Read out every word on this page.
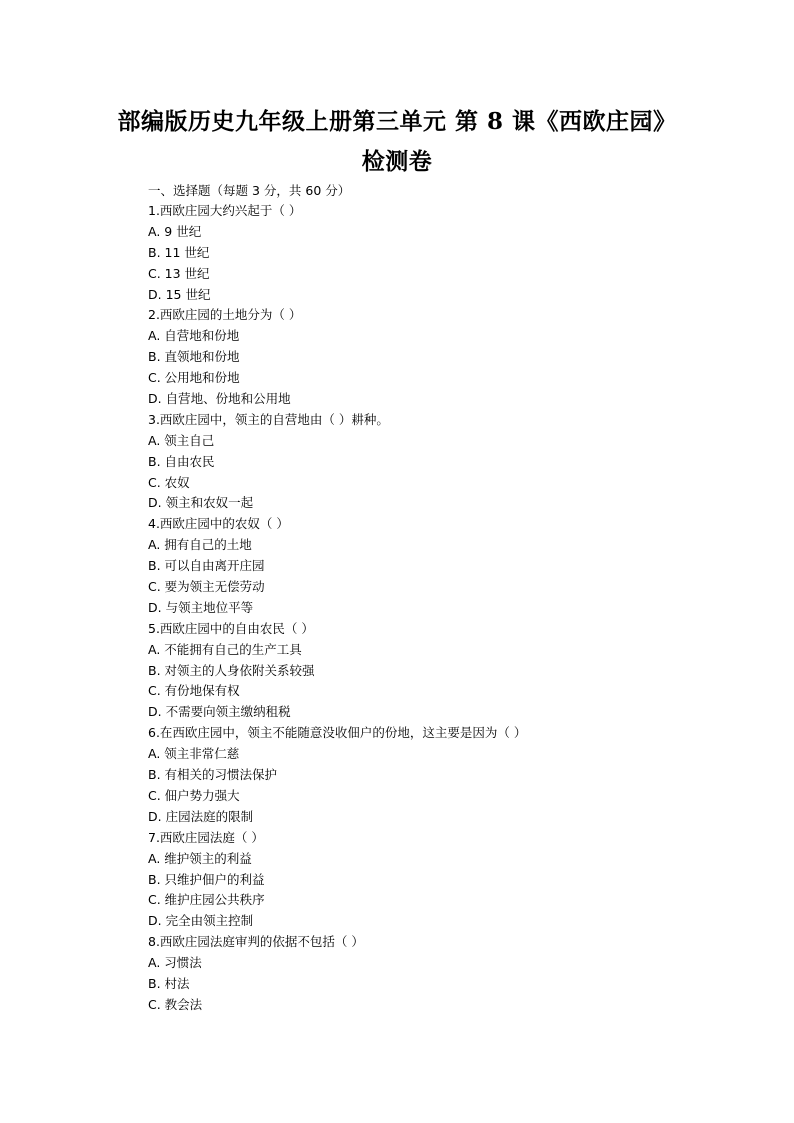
部编版历史九年级上册第三单元 第 8 课《西欧庄园》
检测卷
一、选择题（每题 3 分，共 60 分）
1.西欧庄园大约兴起于（ ）
A. 9 世纪
B. 11 世纪
C. 13 世纪
D. 15 世纪
2.西欧庄园的土地分为（ ）
A. 自营地和份地
B. 直领地和份地
C. 公用地和份地
D. 自营地、份地和公用地
3.西欧庄园中，领主的自营地由（ ）耕种。
A. 领主自己
B. 自由农民
C. 农奴
D. 领主和农奴一起
4.西欧庄园中的农奴（ ）
A. 拥有自己的土地
B. 可以自由离开庄园
C. 要为领主无偿劳动
D. 与领主地位平等
5.西欧庄园中的自由农民（ ）
A. 不能拥有自己的生产工具
B. 对领主的人身依附关系较强
C. 有份地保有权
D. 不需要向领主缴纳租税
6.在西欧庄园中，领主不能随意没收佃户的份地，这主要是因为（ ）
A. 领主非常仁慈
B. 有相关的习惯法保护
C. 佃户势力强大
D. 庄园法庭的限制
7.西欧庄园法庭（ ）
A. 维护领主的利益
B. 只维护佃户的利益
C. 维护庄园公共秩序
D. 完全由领主控制
8.西欧庄园法庭审判的依据不包括（ ）
A. 习惯法
B. 村法
C. 教会法
